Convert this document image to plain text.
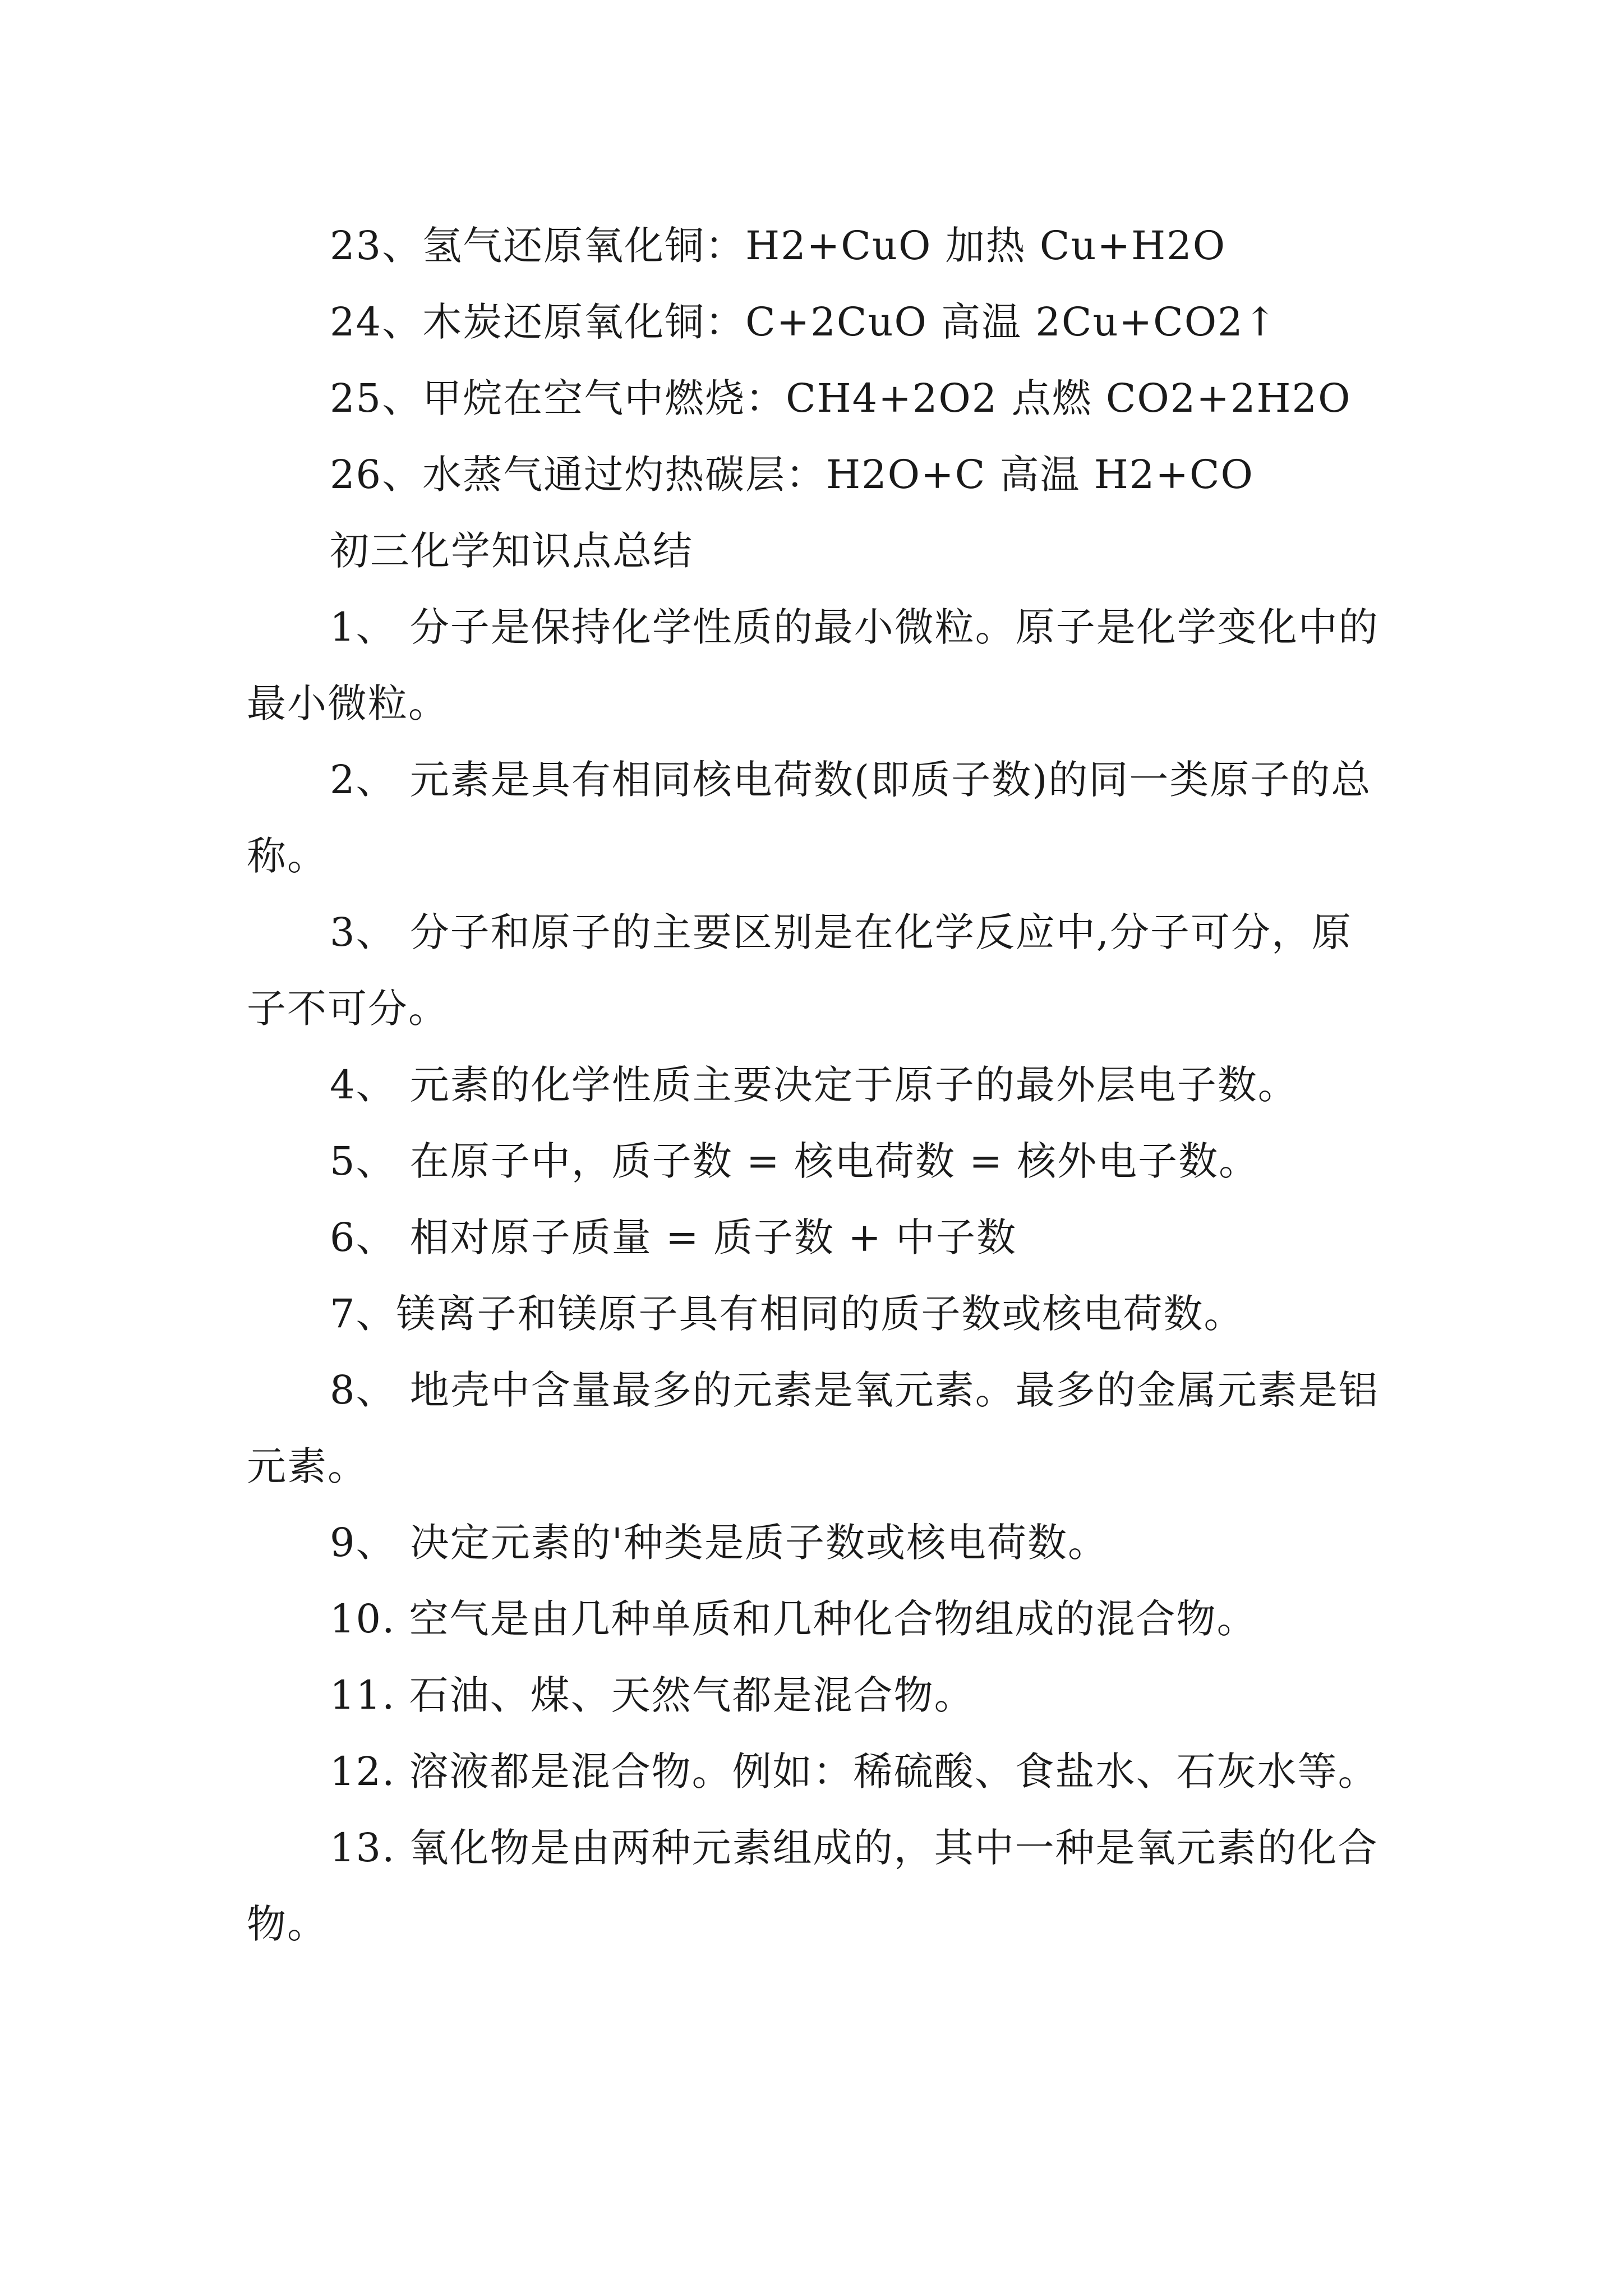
23、氢气还原氧化铜：H2+CuO 加热 Cu+H2O

24、木炭还原氧化铜：C+2CuO 高温 2Cu+CO2↑

25、甲烷在空气中燃烧：CH4+2O2 点燃 CO2+2H2O

26、水蒸气通过灼热碳层：H2O+C 高温 H2+CO

初三化学知识点总结

1、 分子是保持化学性质的最小微粒。原子是化学变化中的最小微粒。

2、 元素是具有相同核电荷数(即质子数)的同一类原子的总称。

3、 分子和原子的主要区别是在化学反应中,分子可分，原子不可分。

4、 元素的化学性质主要决定于原子的最外层电子数。

5、 在原子中，质子数 = 核电荷数 = 核外电子数。

6、 相对原子质量 = 质子数 + 中子数

7、镁离子和镁原子具有相同的质子数或核电荷数。

8、 地壳中含量最多的元素是氧元素。最多的金属元素是铝元素。

9、 决定元素的'种类是质子数或核电荷数。

10. 空气是由几种单质和几种化合物组成的混合物。

11. 石油、煤、天然气都是混合物。

12. 溶液都是混合物。例如：稀硫酸、食盐水、石灰水等。

13. 氧化物是由两种元素组成的，其中一种是氧元素的化合物。
